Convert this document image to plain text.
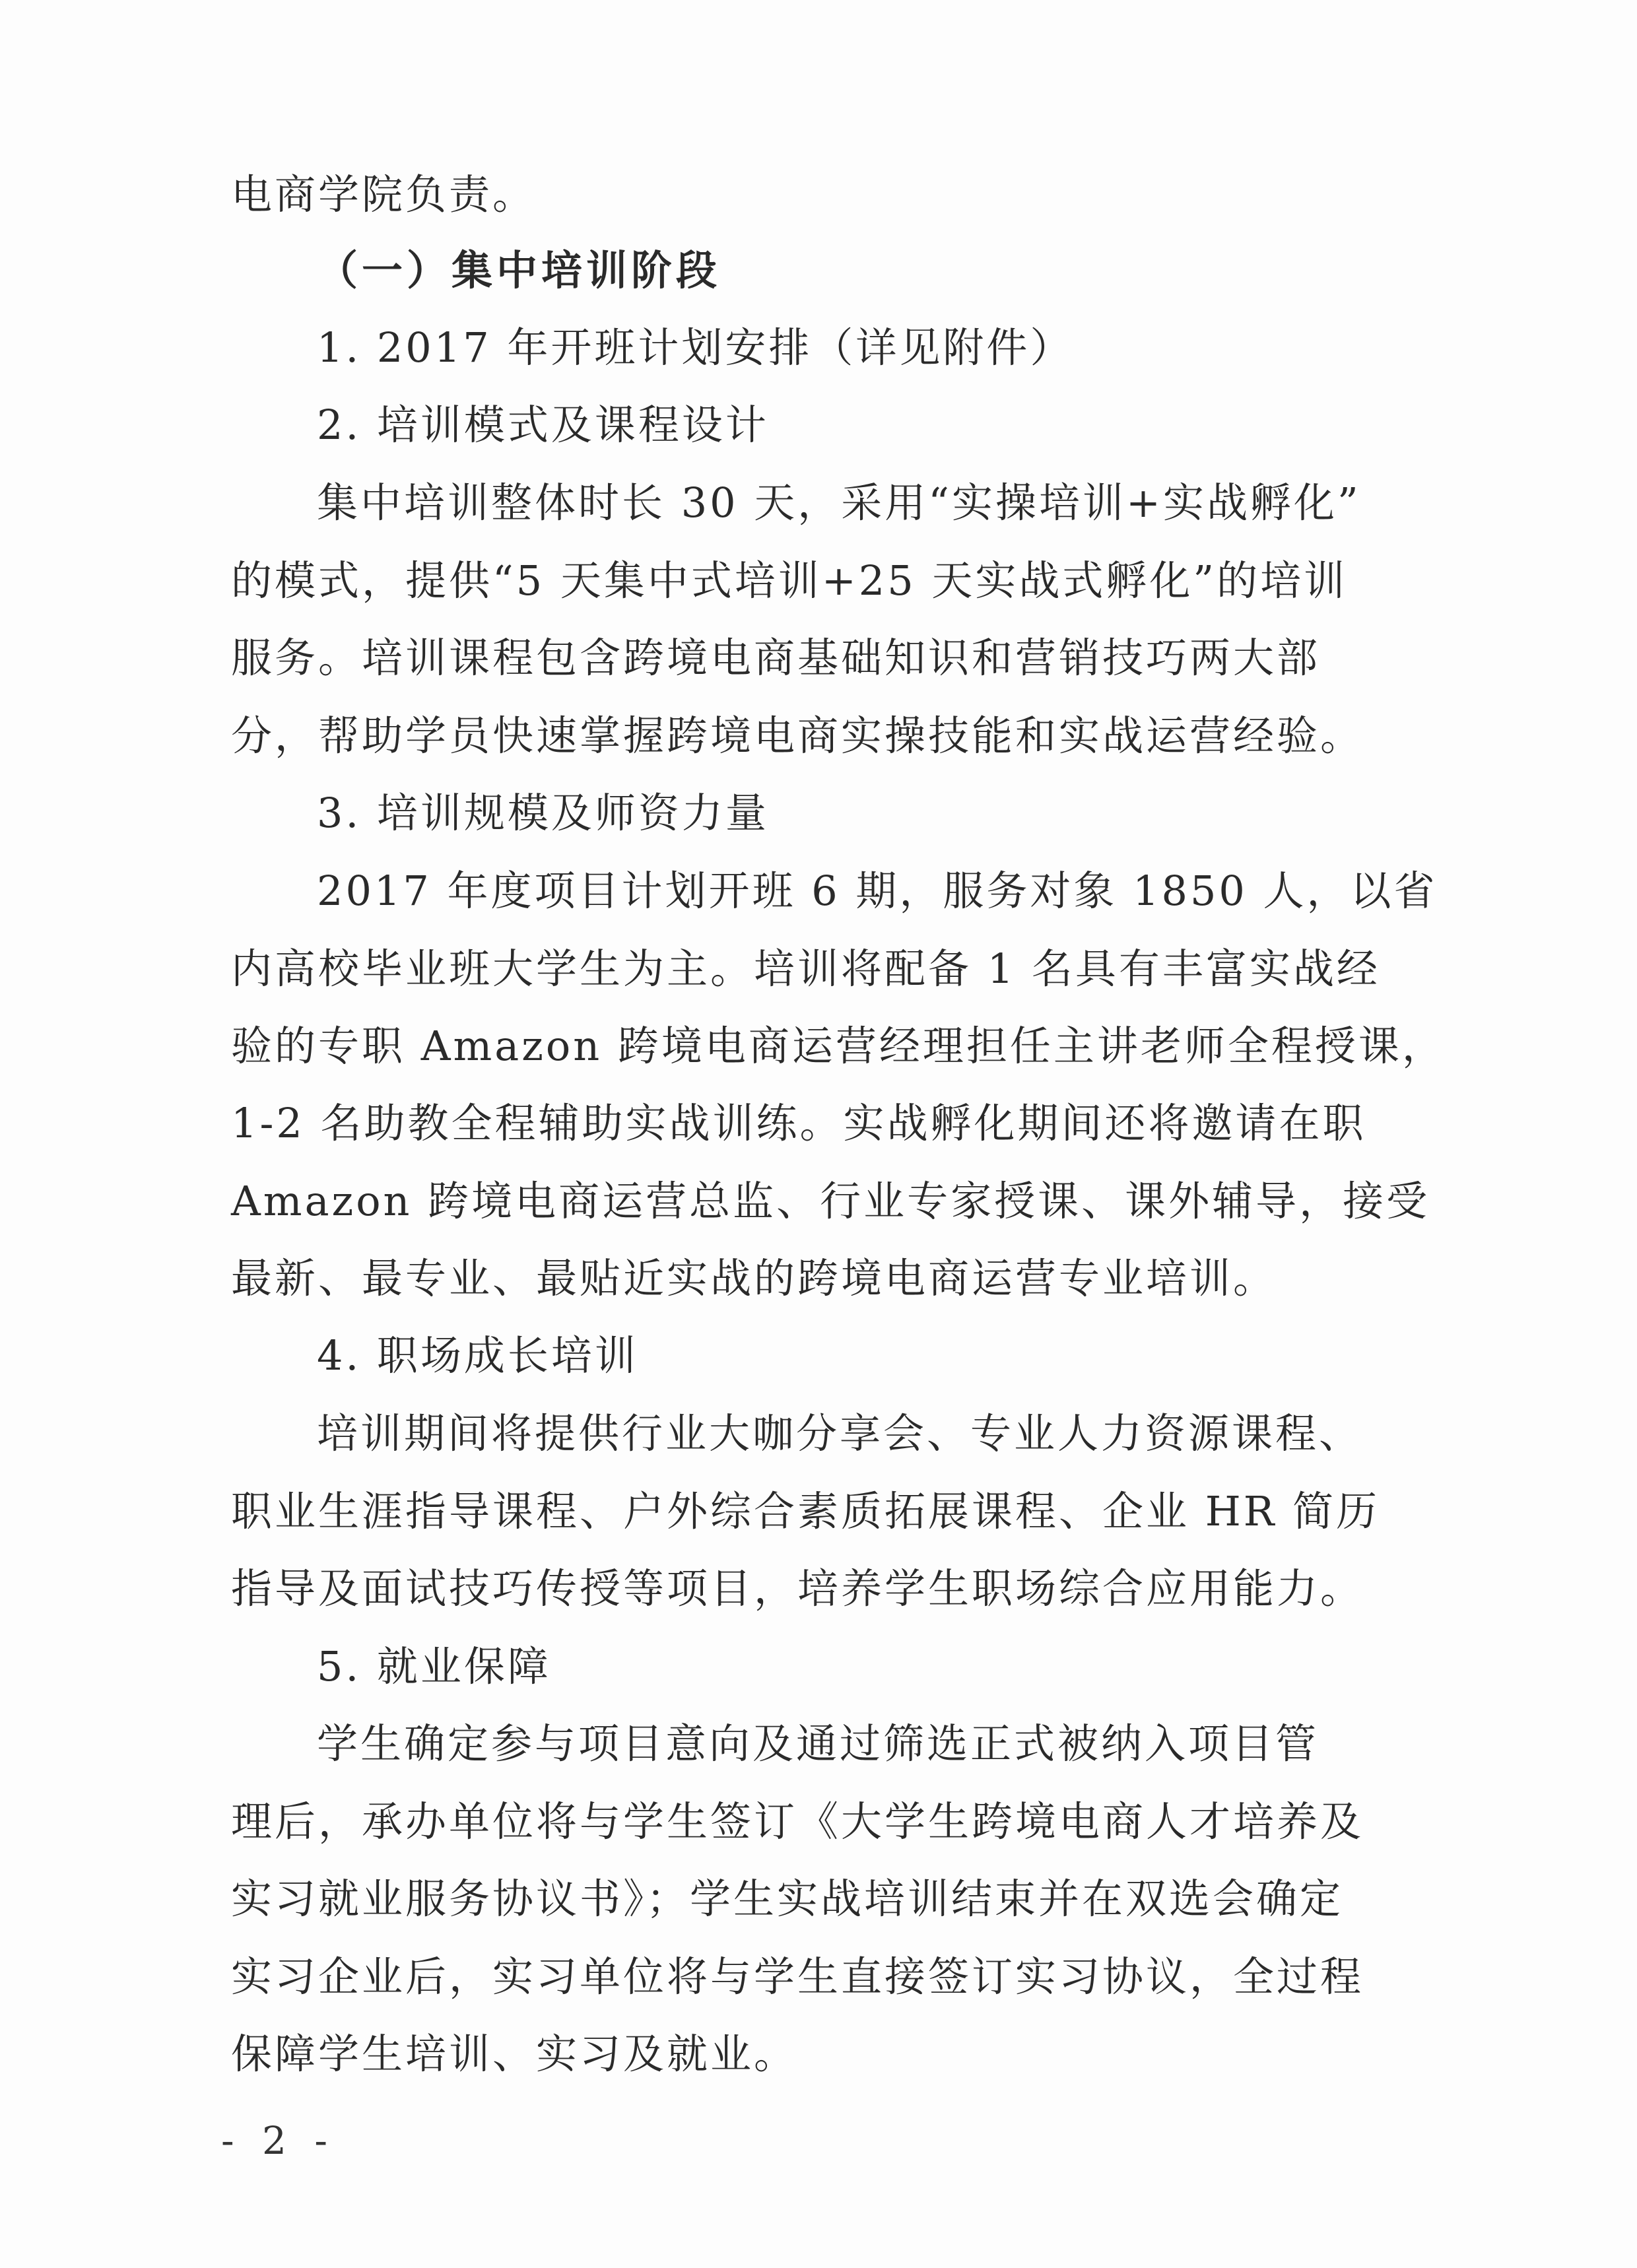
电商学院负责。
（一）集中培训阶段
1. 2017 年开班计划安排（详见附件）
2. 培训模式及课程设计
集中培训整体时长 30 天，采用“实操培训+实战孵化”
的模式，提供“5 天集中式培训+25 天实战式孵化”的培训
服务。培训课程包含跨境电商基础知识和营销技巧两大部
分，帮助学员快速掌握跨境电商实操技能和实战运营经验。
3. 培训规模及师资力量
2017 年度项目计划开班 6 期，服务对象 1850 人，以省
内高校毕业班大学生为主。培训将配备 1 名具有丰富实战经
验的专职 Amazon 跨境电商运营经理担任主讲老师全程授课，
1-2 名助教全程辅助实战训练。实战孵化期间还将邀请在职
Amazon 跨境电商运营总监、行业专家授课、课外辅导，接受
最新、最专业、最贴近实战的跨境电商运营专业培训。
4. 职场成长培训
培训期间将提供行业大咖分享会、专业人力资源课程、
职业生涯指导课程、户外综合素质拓展课程、企业 HR 简历
指导及面试技巧传授等项目，培养学生职场综合应用能力。
5. 就业保障
学生确定参与项目意向及通过筛选正式被纳入项目管
理后，承办单位将与学生签订《大学生跨境电商人才培养及
实习就业服务协议书》；学生实战培训结束并在双选会确定
实习企业后，实习单位将与学生直接签订实习协议，全过程
保障学生培训、实习及就业。
- 2 -
